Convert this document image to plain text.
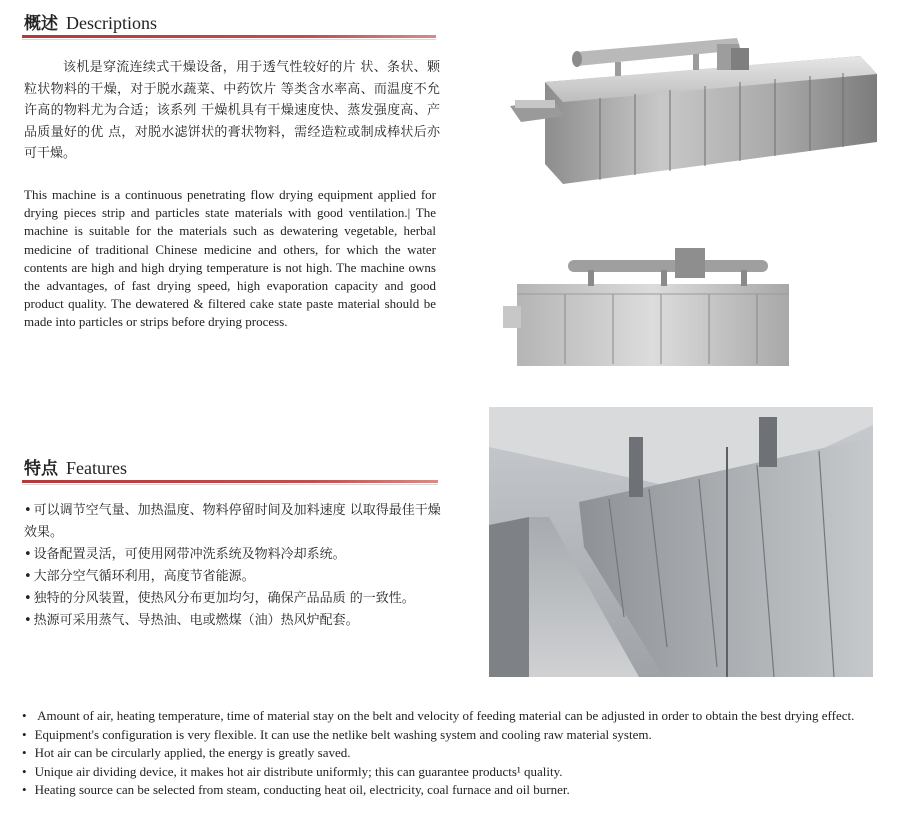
概述 Descriptions
该机是穿流连续式干燥设备，用于透气性较好的片 状、条状、颗粒状物料的干燥，对于脱水蔬菜、中药饮片 等类含水率高、而温度不允许高的物料尤为合适；该系列 干燥机具有干燥速度快、蒸发强度高、产品质量好的优 点，对脱水滤饼状的膏状物料，需经造粒或制成棒状后亦 可干燥。
This machine is a continuous penetrating flow drying equipment applied for drying pieces strip and particles state materials with good ventilation.| The machine is suitable for the materials such as dewatering vegetable, herbal medicine of traditional Chinese medicine and others, for which the water contents are high and high drying temperature is not high. The machine owns the advantages, of fast drying speed, high evaporation capacity and good product quality. The dewatered & filtered cake state paste material should be made into particles or strips before drying process.
特点 Features
• 可以调节空气量、加热温度、物料停留时间及加料速度 以取得最佳干燥效果。
• 设备配置灵活，可使用网带冲洗系统及物料冷却系统。
• 大部分空气循环利用，高度节省能源。
• 独特的分风装置，使热风分布更加均匀，确保产品品质 的一致性。
• 热源可采用蒸气、导热油、电或燃煤（油）热风炉配套。
• Amount of air, heating temperature, time of material stay on the belt and velocity of feeding material can be adjusted in order to obtain the best drying effect.
• Equipment's configuration is very flexible. It can use the netlike belt washing system and cooling raw material system.
• Hot air can be circularly applied, the energy is greatly saved.
• Unique air dividing device, it makes hot air distribute uniformly; this can guarantee products¹ quality.
• Heating source can be selected from steam, conducting heat oil, electricity, coal furnace and oil burner.
